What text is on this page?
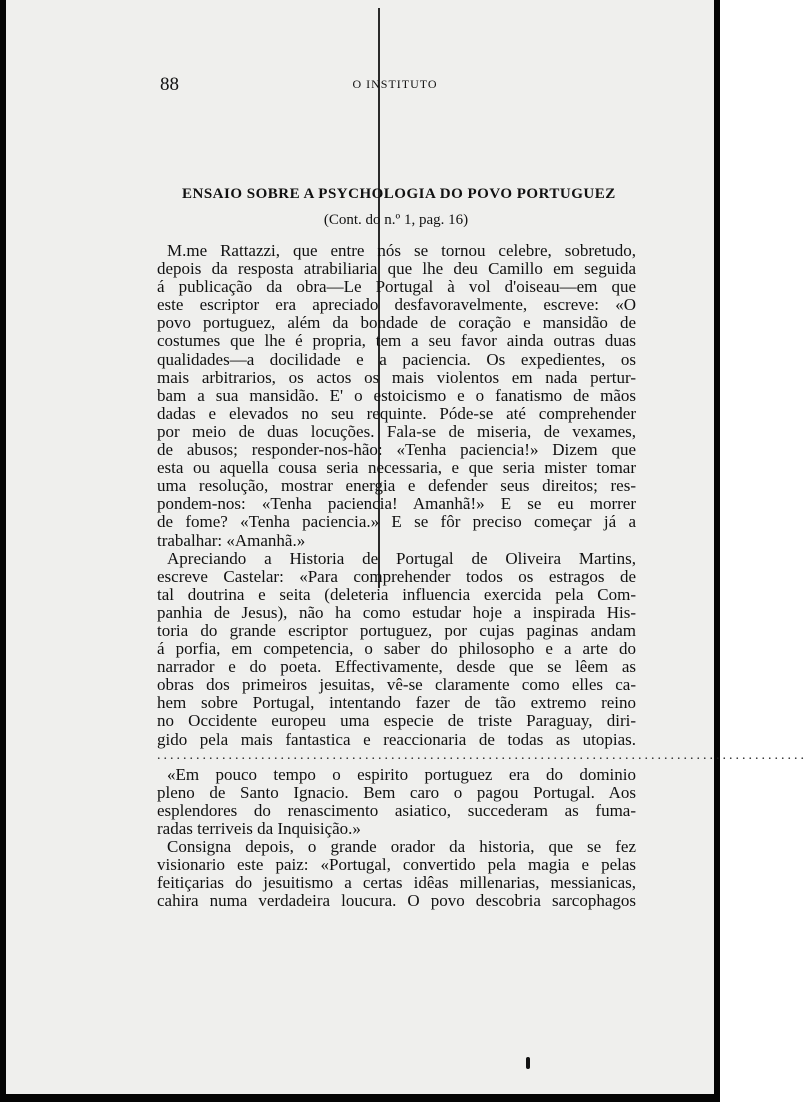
88	O INSTITUTO
ENSAIO SOBRE A PSYCHOLOGIA DO POVO PORTUGUEZ
(Cont. do n.º 1, pag. 16)
M.me Rattazzi, que entre nós se tornou celebre, sobretudo,
depois da resposta atrabiliaria que lhe deu Camillo em seguida
á publicação da obra—Le Portugal à vol d'oiseau—em que
este escriptor era apreciado desfavoravelmente, escreve: «O
povo portuguez, além da bondade de coração e mansidão de
costumes que lhe é propria, tem a seu favor ainda outras duas
qualidades—a docilidade e a paciencia. Os expedientes, os
mais arbitrarios, os actos os mais violentos em nada pertur-
bam a sua mansidão. E' o estoicismo e o fanatismo de mãos
dadas e elevados no seu requinte. Póde-se até comprehender
por meio de duas locuções. Fala-se de miseria, de vexames,
de abusos; responder-nos-hão: «Tenha paciencia!» Dizem que
esta ou aquella cousa seria necessaria, e que seria mister tomar
uma resolução, mostrar energia e defender seus direitos; res-
pondem-nos: «Tenha paciencia! Amanhã!» E se eu morrer
de fome? «Tenha paciencia.» E se fôr preciso começar já a
trabalhar: «Amanhã.»
Apreciando a Historia de Portugal de Oliveira Martins,
escreve Castelar: «Para comprehender todos os estragos de
tal doutrina e seita (deleteria influencia exercida pela Com-
panhia de Jesus), não ha como estudar hoje a inspirada His-
toria do grande escriptor portuguez, por cujas paginas andam
á porfia, em competencia, o saber do philosopho e a arte do
narrador e do poeta. Effectivamente, desde que se lêem as
obras dos primeiros jesuitas, vê-se claramente como elles ca-
hem sobre Portugal, intentando fazer de tão extremo reino
no Occidente europeu uma especie de triste Paraguay, diri-
gido pela mais fantastica e reaccionaria de todas as utopias.
....................................................................................................
«Em pouco tempo o espirito portuguez era do dominio
pleno de Santo Ignacio. Bem caro o pagou Portugal. Aos
esplendores do renascimento asiatico, succederam as fuma-
radas terriveis da Inquisição.»
Consigna depois, o grande orador da historia, que se fez
visionario este paiz: «Portugal, convertido pela magia e pelas
feitiçarias do jesuitismo a certas idêas millenarias, messianicas,
cahira numa verdadeira loucura. O povo descobria sarcophagos
